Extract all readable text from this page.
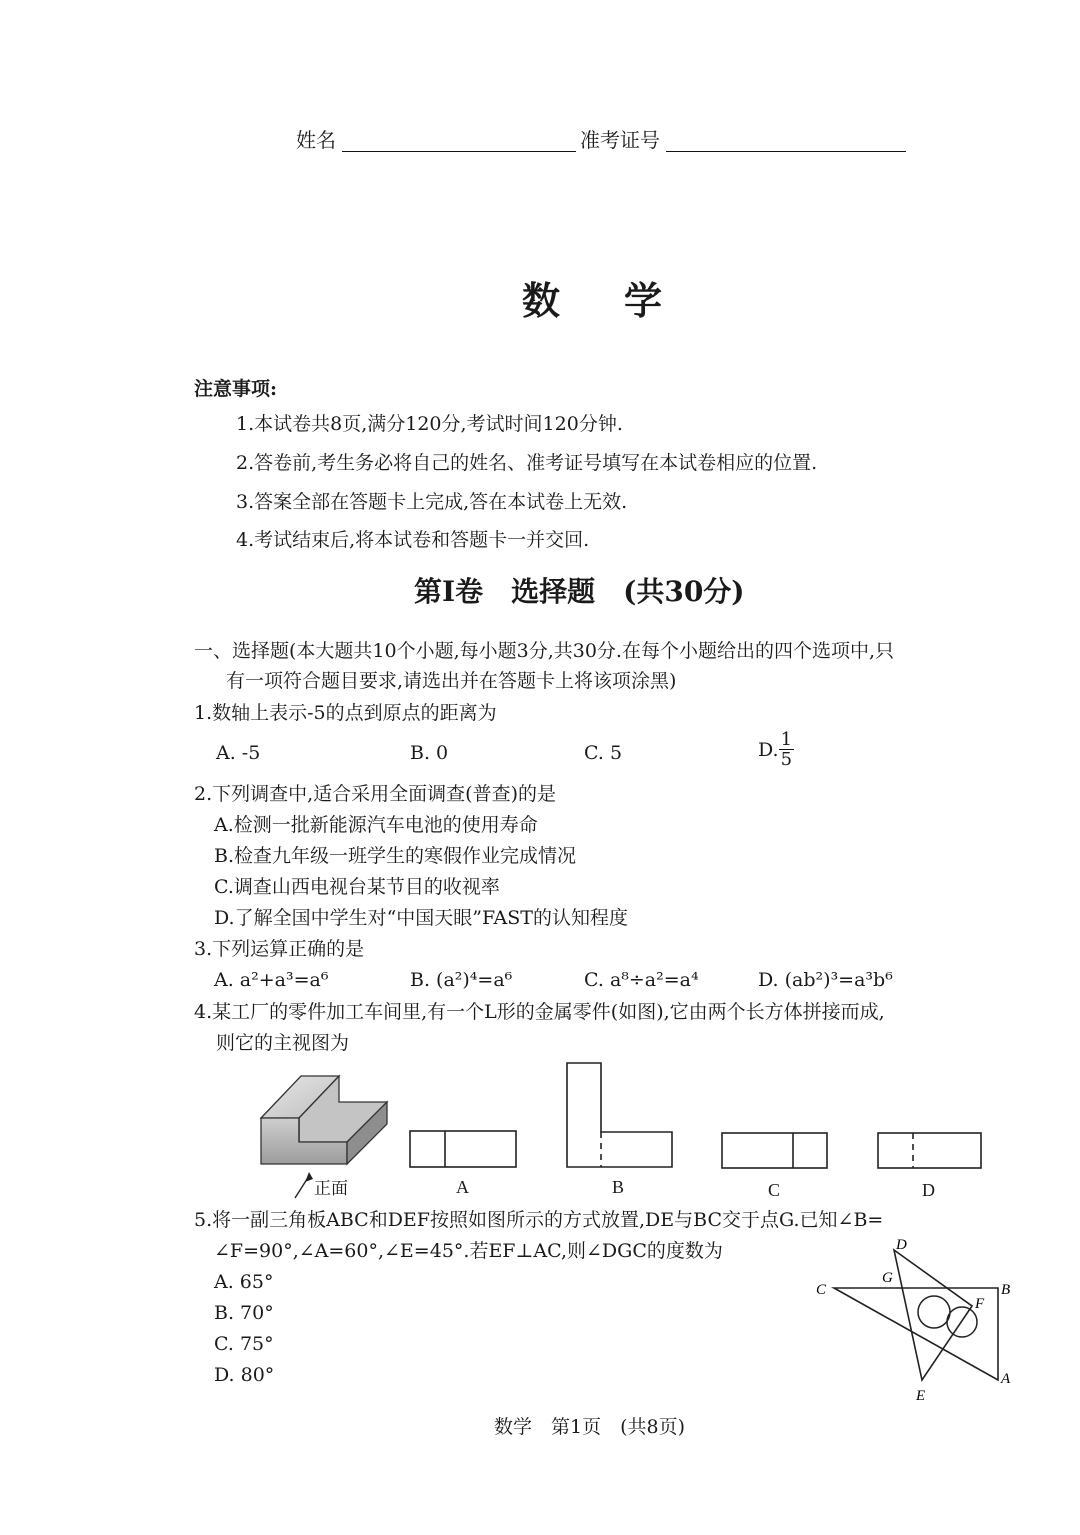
姓名	准考证号
数学
注意事项:
1.本试卷共8页,满分120分,考试时间120分钟.
2.答卷前,考生务必将自己的姓名、准考证号填写在本试卷相应的位置.
3.答案全部在答题卡上完成,答在本试卷上无效.
4.考试结束后,将本试卷和答题卡一并交回.
第Ⅰ卷　选择题　(共30分)
一、选择题(本大题共10个小题,每小题3分,共30分.在每个小题给出的四个选项中,只
有一项符合题目要求,请选出并在答题卡上将该项涂黑)
1.数轴上表示-5的点到原点的距离为
A. -5	B. 0	C. 5	D. $\frac{1}{5}$
2.下列调查中,适合采用全面调查(普查)的是
A.检测一批新能源汽车电池的使用寿命
B.检查九年级一班学生的寒假作业完成情况
C.调查山西电视台某节目的收视率
D.了解全国中学生对“中国天眼”FAST的认知程度
3.下列运算正确的是
A. a²+a³=a⁶	B. (a²)⁴=a⁶	C. a⁸÷a²=a⁴	D. (ab²)³=a³b⁶
4.某工厂的零件加工车间里,有一个L形的金属零件(如图),它由两个长方体拼接而成,
则它的主视图为
正面	A	B	C	D
5.将一副三角板ABC和DEF按照如图所示的方式放置,DE与BC交于点G.已知∠B=
∠F=90°,∠A=60°,∠E=45°.若EF⊥AC,则∠DGC的度数为
A. 65°
B. 70°
C. 75°
D. 80°
D
C
G
B
F
A
E
数学　第1页　(共8页)
